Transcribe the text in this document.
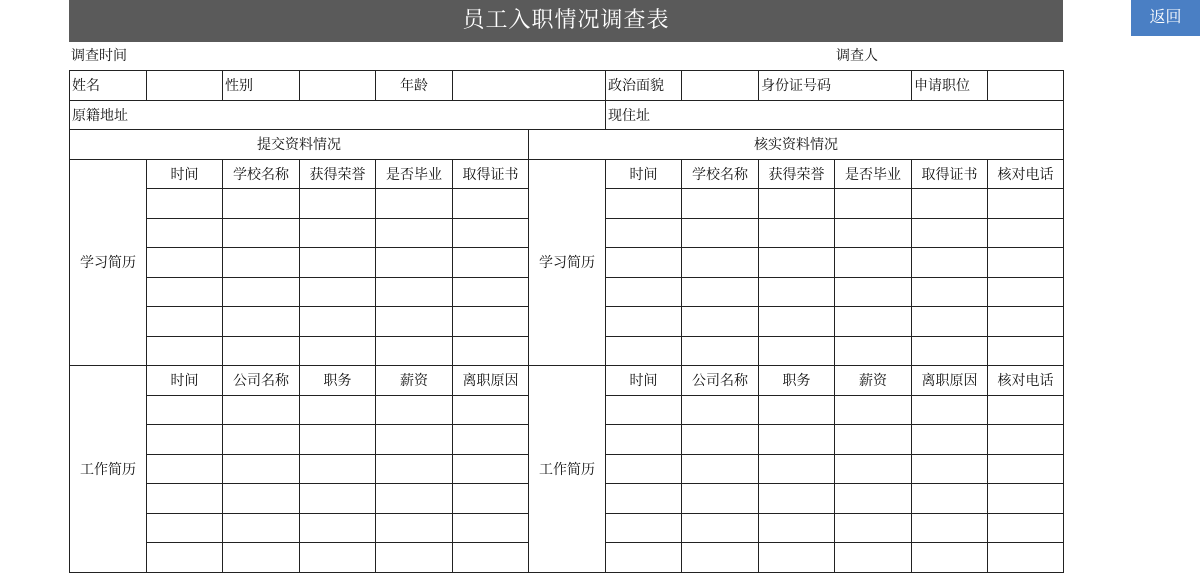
员工入职情况调查表
调查时间	调查人
姓名		性别		年龄			政治面貌		身份证号码		申请职位	
原籍地址							现住址					
提交资料情况						核实资料情况						
学习简历	时间	学校名称	获得荣誉	是否毕业	取得证书	学习简历	时间	学校名称	获得荣誉	是否毕业	取得证书	核对电话

工作简历	时间	公司名称	职务	薪资	离职原因	工作简历	时间	公司名称	职务	薪资	离职原因	核对电话

返回
